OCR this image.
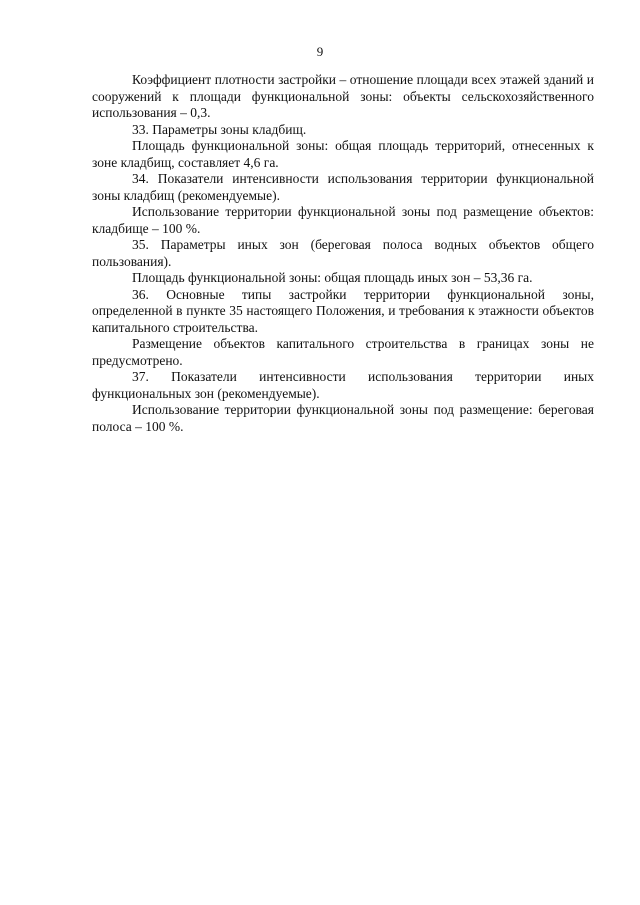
9

Коэффициент плотности застройки – отношение площади всех этажей зданий и сооружений к площади функциональной зоны: объекты сельскохозяйственного использования – 0,3.

33. Параметры зоны кладбищ.

Площадь функциональной зоны: общая площадь территорий, отнесенных к зоне кладбищ, составляет 4,6 га.

34. Показатели интенсивности использования территории функциональной зоны кладбищ (рекомендуемые).

Использование территории функциональной зоны под размещение объектов: кладбище – 100 %.

35. Параметры иных зон (береговая полоса водных объектов общего пользования).

Площадь функциональной зоны: общая площадь иных зон – 53,36 га.

36. Основные типы застройки территории функциональной зоны, определенной в пункте 35 настоящего Положения, и требования к этажности объектов капитального строительства.

Размещение объектов капитального строительства в границах зоны не предусмотрено.

37. Показатели интенсивности использования территории иных функциональных зон (рекомендуемые).

Использование территории функциональной зоны под размещение: береговая полоса – 100 %.
